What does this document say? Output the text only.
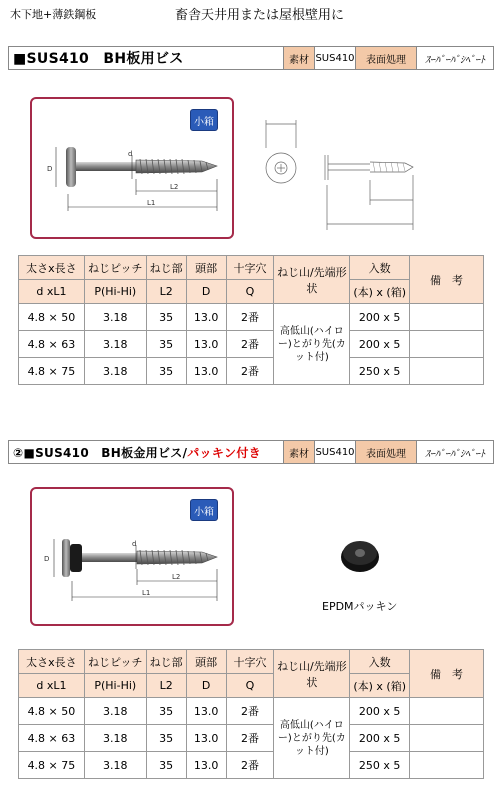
木下地+薄鉄鋼板	畜舎天井用または屋根壁用に
■SUS410　BH板用ビス	素材 SUS410	表面処理	ｽｰﾊﾟｰﾊﾟｼﾍﾟｰﾄ
小箱
D
d
L2
L1
太さx長さ	ねじピッチ	ねじ部	頭部	十字穴	ねじ山/先端形状	入数	備　考
d xL1	P(Hi-Hi)	L2	D	Q		(本) x (箱)	
4.8 × 50	3.18	35	13.0	2番	高低山(ハイロー)とがり先(カット付)	200 x 5	
4.8 × 63	3.18	35	13.0	2番		200 x 5	
4.8 × 75	3.18	35	13.0	2番		250 x 5	
②■SUS410　BH板金用ビス/ パッキン付き	素材 SUS410	表面処理	ｽｰﾊﾟｰﾊﾟｼﾍﾟｰﾄ
小箱
D
d
L2
L1
EPDMパッキン
太さx長さ	ねじピッチ	ねじ部	頭部	十字穴	ねじ山/先端形状	入数	備　考
d xL1	P(Hi-Hi)	L2	D	Q		(本) x (箱)	
4.8 × 50	3.18	35	13.0	2番	高低山(ハイロー)とがり先(カット付)	200 x 5	
4.8 × 63	3.18	35	13.0	2番		200 x 5	
4.8 × 75	3.18	35	13.0	2番		250 x 5	
